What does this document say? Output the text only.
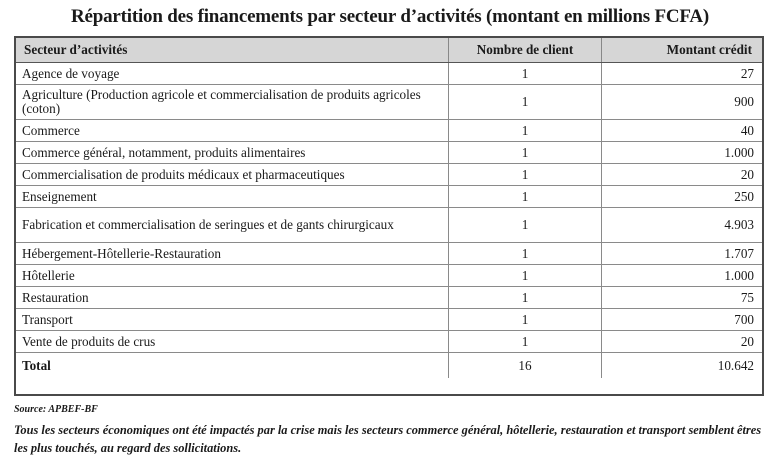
Répartition des financements par secteur d’activités (montant en millions FCFA)
Secteur d’activités	Nombre de client	Montant crédit
Agence de voyage	1	27
Agriculture (Production agricole et commercialisation de produits agricoles (coton)	1	900
Commerce	1	40
Commerce général, notamment, produits alimentaires	1	1.000
Commercialisation de produits médicaux et pharmaceutiques	1	20
Enseignement	1	250
Fabrication et commercialisation de seringues et de gants chirurgicaux	1	4.903
Hébergement-Hôtellerie-Restauration	1	1.707
Hôtellerie	1	1.000
Restauration	1	75
Transport	1	700
Vente de produits de crus	1	20
Total	16	10.642
Source: APBEF-BF
Tous les secteurs économiques ont été impactés par la crise mais les secteurs commerce général, hôtellerie, restauration et transport semblent êtres les plus touchés, au regard des sollicitations.
